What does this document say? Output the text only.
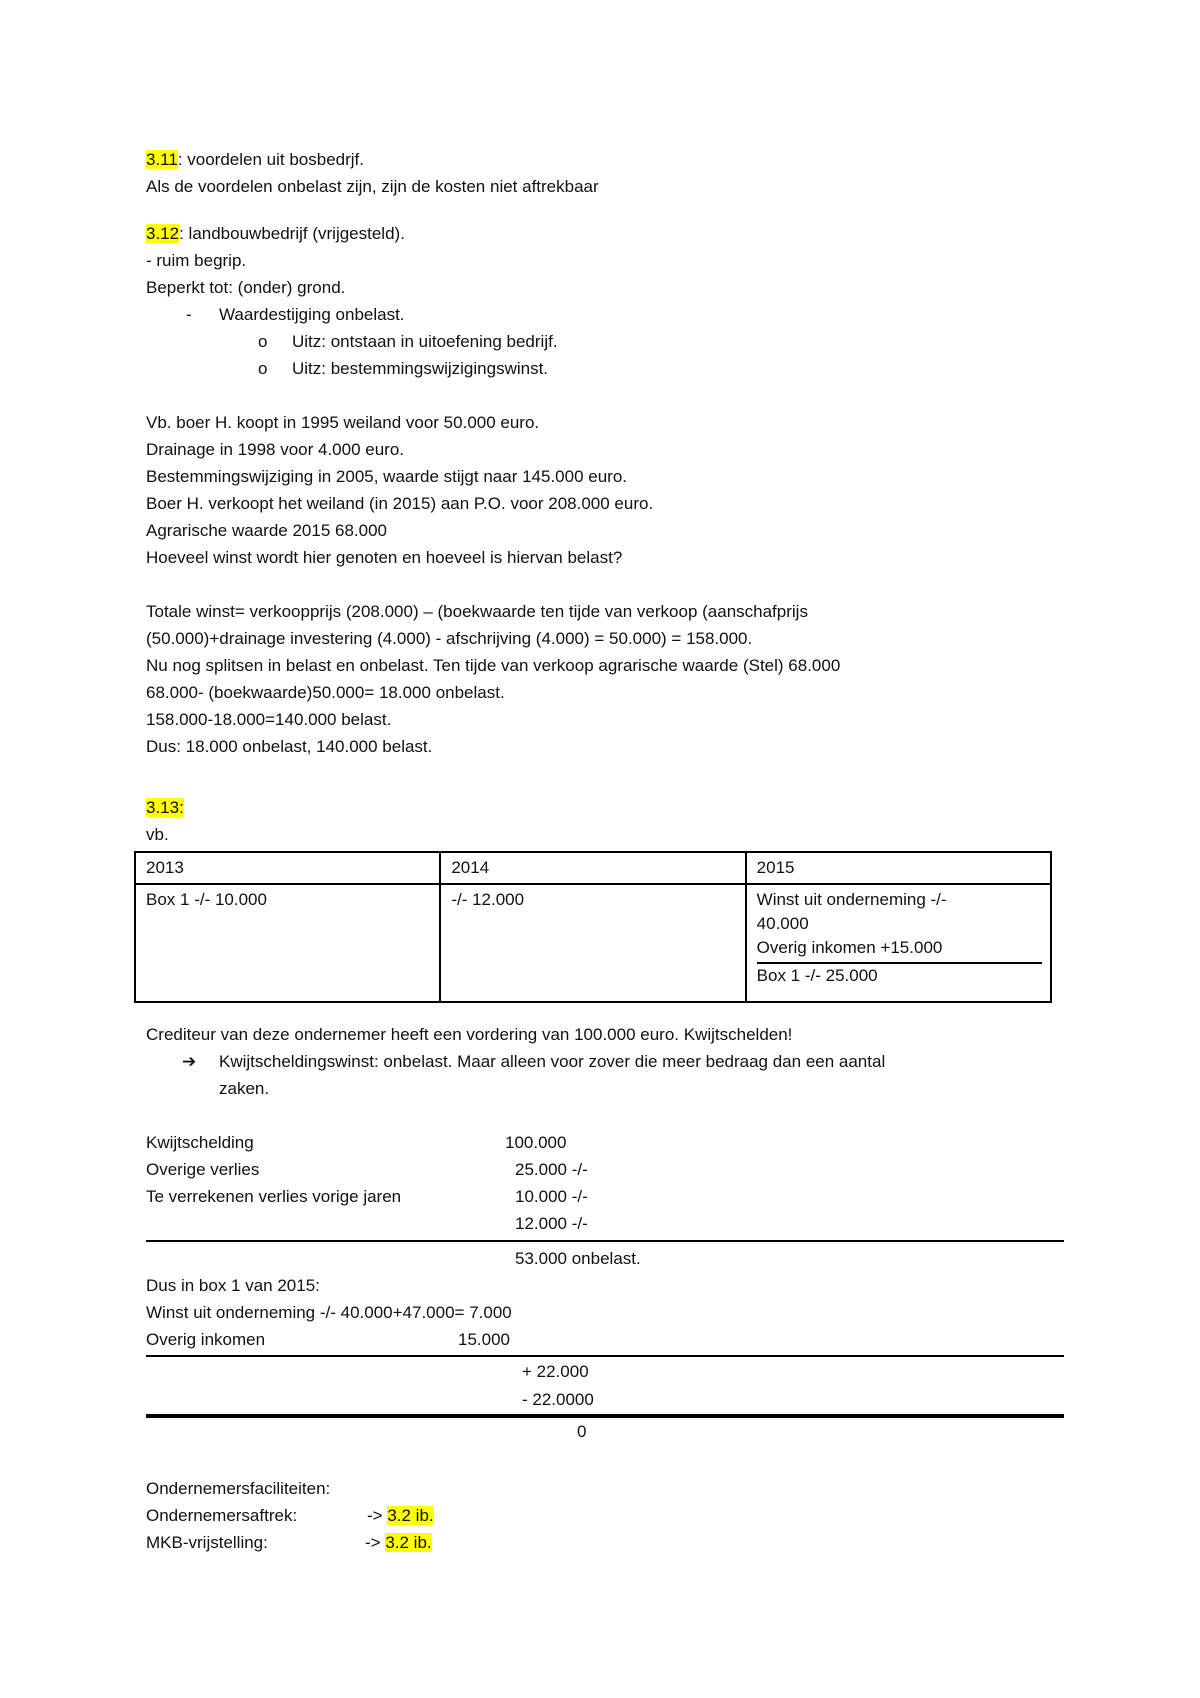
3.11: voordelen uit bosbedrjf.
Als de voordelen onbelast zijn, zijn de kosten niet aftrekbaar
3.12: landbouwbedrijf (vrijgesteld).
- ruim begrip.
Beperkt tot: (onder) grond.
- Waardestijging onbelast.
o Uitz: ontstaan in uitoefening bedrijf.
o Uitz: bestemmingswijzigingswinst.
Vb. boer H. koopt in 1995 weiland voor 50.000 euro.
Drainage in 1998 voor 4.000 euro.
Bestemmingswijziging in 2005, waarde stijgt naar 145.000 euro.
Boer H. verkoopt het weiland (in 2015) aan P.O. voor 208.000 euro.
Agrarische waarde 2015 68.000
Hoeveel winst wordt hier genoten en hoeveel is hiervan belast?
Totale winst= verkoopprijs (208.000) – (boekwaarde ten tijde van verkoop (aanschafprijs
(50.000)+drainage investering (4.000) - afschrijving (4.000) = 50.000) = 158.000.
Nu nog splitsen in belast en onbelast. Ten tijde van verkoop agrarische waarde (Stel) 68.000
68.000- (boekwaarde)50.000= 18.000 onbelast.
158.000-18.000=140.000 belast.
Dus: 18.000 onbelast, 140.000 belast.
3.13:
vb.
2013	2014	2015
Box 1 -/- 10.000	-/- 12.000	Winst uit onderneming -/-
40.000
Overig inkomen +15.000
Box 1 -/- 25.000
Crediteur van deze ondernemer heeft een vordering van 100.000 euro. Kwijtschelden!
➔ Kwijtscheldingswinst: onbelast. Maar alleen voor zover die meer bedraag dan een aantal
zaken.
Kwijtschelding	100.000
Overige verlies	25.000 -/-
Te verrekenen verlies vorige jaren	10.000 -/-
12.000 -/-
53.000 onbelast.
Dus in box 1 van 2015:
Winst uit onderneming -/- 40.000+47.000= 7.000
Overig inkomen	15.000
+ 22.000
- 22.0000
0
Ondernemersfaciliteiten:
Ondernemersaftrek:	-> 3.2 ib.
MKB-vrijstelling:	-> 3.2 ib.
